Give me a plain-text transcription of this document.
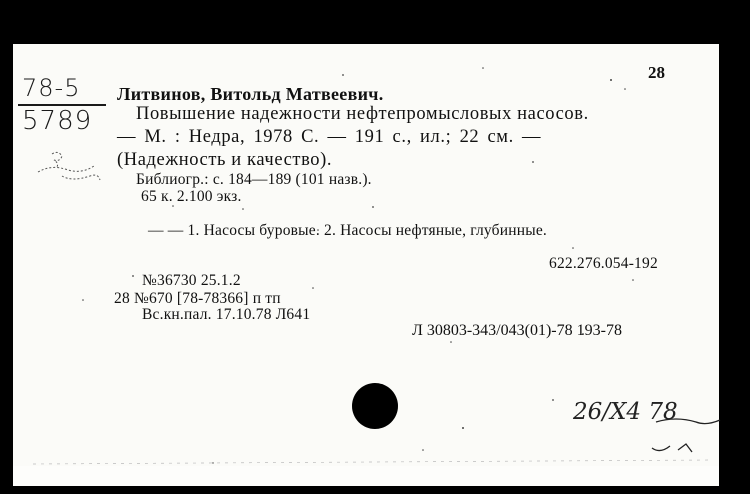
78-5
5789
28
Литвинов, Витольд Матвеевич.
Повышение надежности нефтепромысловых насосов.
— М. : Недра, 1978 С. — 191 с., ил.; 22 см. —
(Надежность и качество).
Библиогр.: с. 184—189 (101 назв.).
65 к. 2.100 экз.
— — 1. Насосы буровые. 2. Насосы нефтяные, глубинные.
622.276.054-192
№36730 25.1.2
28 №670 [78-78366] п тп
Вс.кн.пал. 17.10.78 Л641
Л 30803-343/043(01)-78 193-78
26/Х4 78
